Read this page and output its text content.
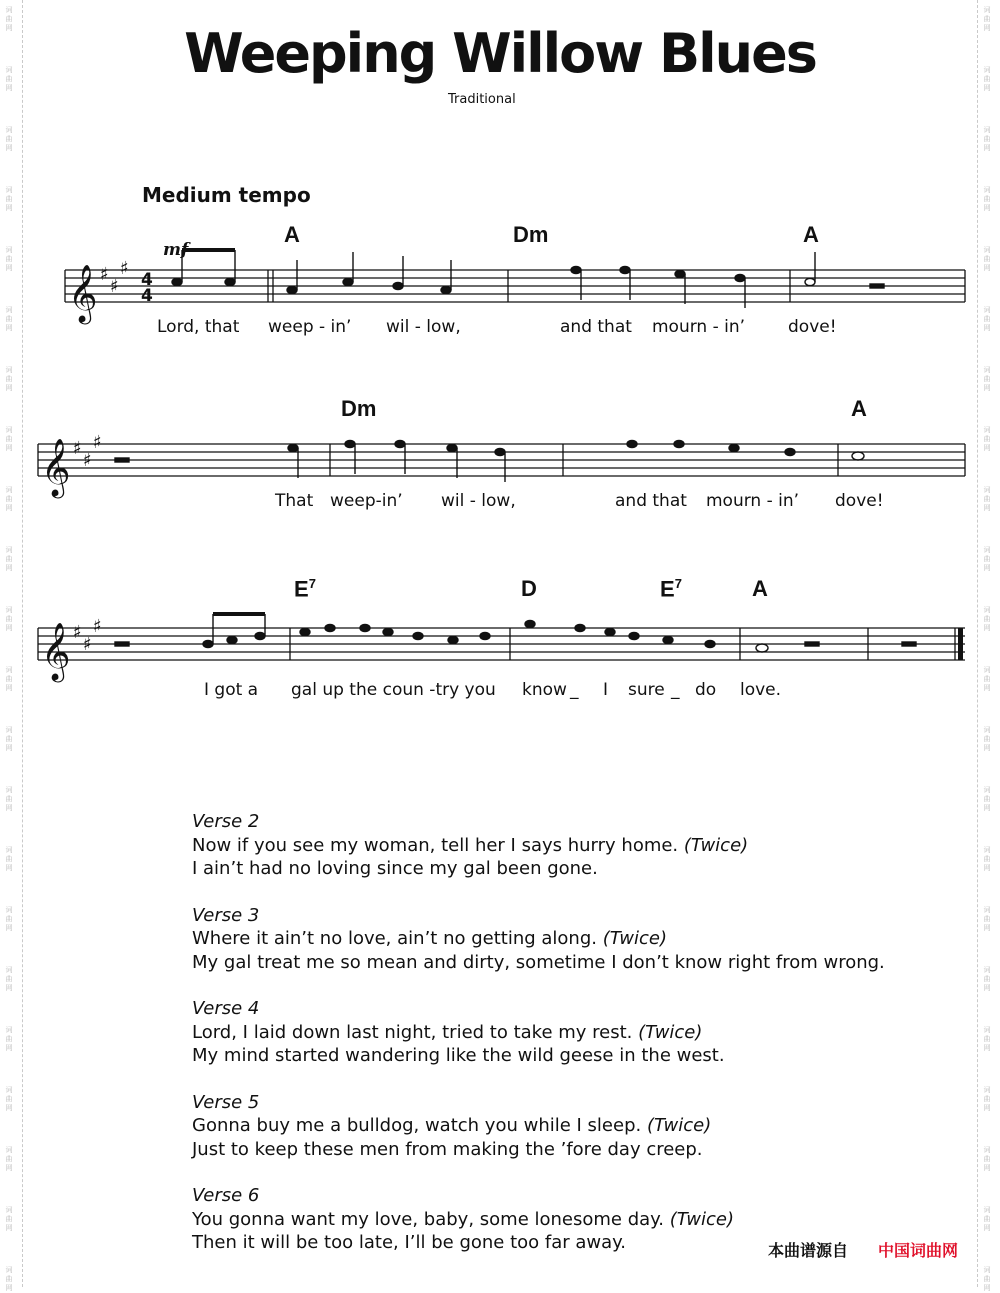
词
曲
网
词
曲
网
词
曲
网
词
曲
网
词
曲
网
词
曲
网
词
曲
网
词
曲
网
词
曲
网
词
曲
网
词
曲
网
词
曲
网
词
曲
网
词
曲
网
词
曲
网
词
曲
网
词
曲
网
词
曲
网
词
曲
网
词
曲
网
词
曲
网
词
曲
网
词
曲
网
词
曲
网
词
曲
网
词
曲
网
词
曲
网
词
曲
网
词
曲
网
词
曲
网
词
曲
网
词
曲
网
词
曲
网
词
曲
网
词
曲
网
词
曲
网
词
曲
网
词
曲
网
词
曲
网
词
曲
网
词
曲
网
词
曲
网
词
曲
网
词
曲
网
Weeping Willow Blues
Traditional
Medium tempo
mf
𝄞
𝄞
𝄞
♯
♯
♯
♯
♯
♯
♯
♯
♯
4
4
A	Dm	A
Dm	A
$E^7$	D	$E^7$	A
Lord, that weep - in’ wil - low,	and that mourn - in’	dove!
That weep-in’ wil - low,	and that mourn - in’ dove!
I got a gal up the coun -try you know _ I sure _ do love.
Verse 2
Now if you see my woman, tell her I says hurry home. (Twice)
I ain’t had no loving since my gal been gone.
Verse 3
Where it ain’t no love, ain’t no getting along. (Twice)
My gal treat me so mean and dirty, sometime I don’t know right from wrong.
Verse 4
Lord, I laid down last night, tried to take my rest. (Twice)
My mind started wandering like the wild geese in the west.
Verse 5
Gonna buy me a bulldog, watch you while I sleep. (Twice)
Just to keep these men from making the ’fore day creep.
Verse 6
You gonna want my love, baby, some lonesome day. (Twice)
Then it will be too late, I’ll be gone too far away.	本曲谱源自 中国词曲网
